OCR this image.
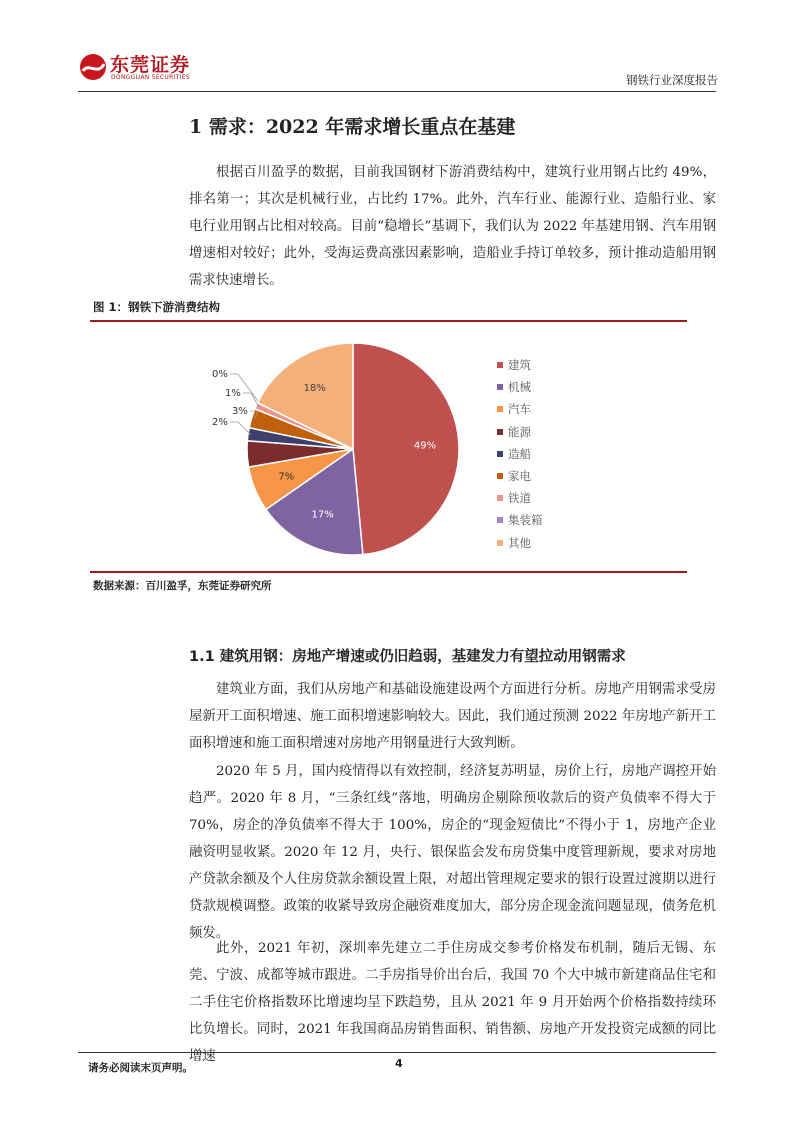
东莞证券
DONGGUAN SECURITIES	钢铁行业深度报告
1 需求：2022 年需求增长重点在基建

根据百川盈孚的数据，目前我国钢材下游消费结构中，建筑行业用钢占比约 49%，排名第一；其次是机械行业，占比约 17%。此外，汽车行业、能源行业、造船行业、家电行业用钢占比相对较高。目前“稳增长”基调下，我们认为 2022 年基建用钢、汽车用钢增速相对较好；此外，受海运费高涨因素影响，造船业手持订单较多，预计推动造船用钢需求快速增长。

图 1：钢铁下游消费结构
49%
17%
7%
2%
3%
1%
0%
18%
建筑
机械
汽车
能源
造船
家电
铁道
集装箱
其他
数据来源：百川盈孚，东莞证券研究所
1.1 建筑用钢：房地产增速或仍旧趋弱，基建发力有望拉动用钢需求

建筑业方面，我们从房地产和基础设施建设两个方面进行分析。房地产用钢需求受房屋新开工面积增速、施工面积增速影响较大。因此，我们通过预测 2022 年房地产新开工面积增速和施工面积增速对房地产用钢量进行大致判断。

2020 年 5 月，国内疫情得以有效控制，经济复苏明显，房价上行，房地产调控开始趋严。2020 年 8 月，“三条红线”落地，明确房企剔除预收款后的资产负债率不得大于 70%，房企的净负债率不得大于 100%，房企的“现金短债比”不得小于 1，房地产企业融资明显收紧。2020 年 12 月，央行、银保监会发布房贷集中度管理新规，要求对房地产贷款余额及个人住房贷款余额设置上限，对超出管理规定要求的银行设置过渡期以进行贷款规模调整。政策的收紧导致房企融资难度加大，部分房企现金流问题显现，债务危机频发。

此外，2021 年初，深圳率先建立二手住房成交参考价格发布机制，随后无锡、东莞、宁波、成都等城市跟进。二手房指导价出台后，我国 70 个大中城市新建商品住宅和二手住宅价格指数环比增速均呈下跌趋势，且从 2021 年 9 月开始两个价格指数持续环比负增长。同时，2021 年我国商品房销售面积、销售额、房地产开发投资完成额的同比增速

请务必阅读末页声明。	4
